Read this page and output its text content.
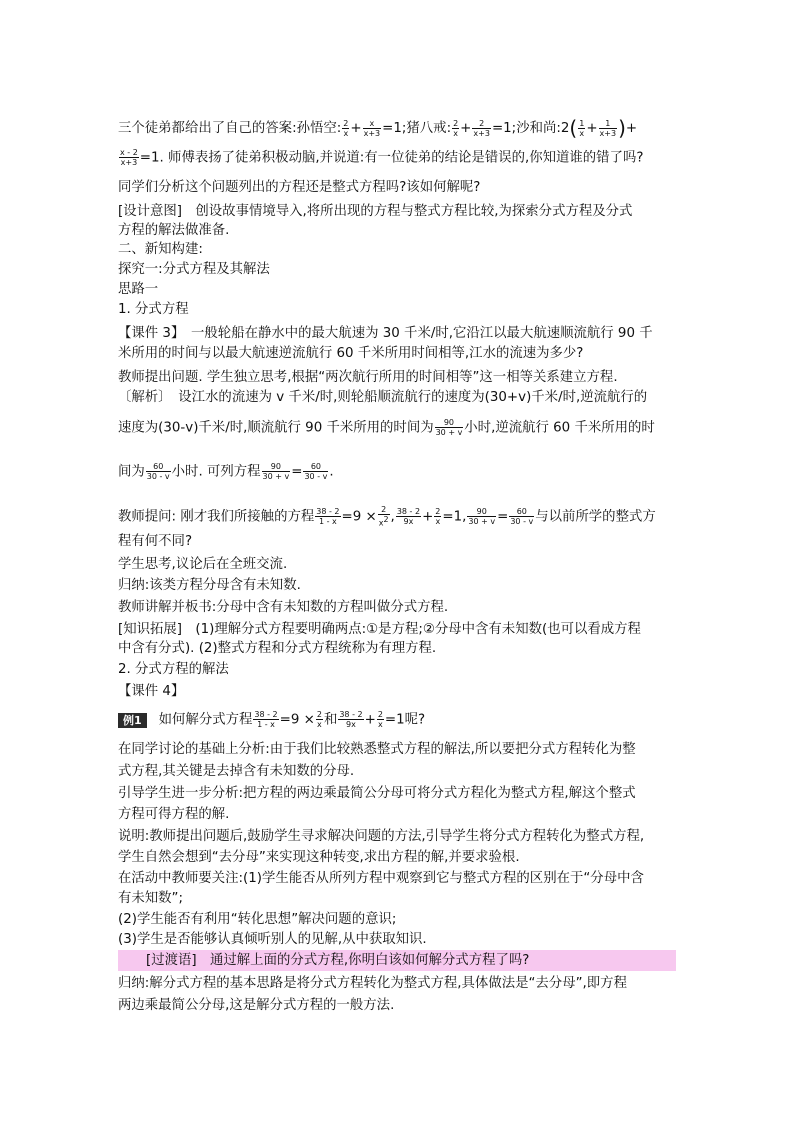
三个徒弟都给出了自己的答案:孙悟空: $\frac{2}{x} + \frac{x}{x+3} =1$;猪八戒: $\frac{2}{x} + \frac{2}{x+3} =1$;沙和尚:2( $\frac{1}{x} + \frac{1}{x+3}$ )+
$\frac{x - 2}{x+3} =1$. 师傅表扬了徒弟积极动脑,并说道:有一位徒弟的结论是错误的,你知道谁的错了吗?
同学们分析这个问题列出的方程还是整式方程吗?该如何解呢?
[设计意图]　创设故事情境导入,将所出现的方程与整式方程比较,为探索分式方程及分式
方程的解法做准备.
二、新知构建:
探究一:分式方程及其解法
思路一
1. 分式方程
【课件 3】　一般轮船在静水中的最大航速为 30 千米/时,它沿江以最大航速顺流航行 90 千
米所用的时间与以最大航速逆流航行 60 千米所用时间相等,江水的流速为多少?
教师提出问题. 学生独立思考,根据“两次航行所用的时间相等”这一相等关系建立方程.
〔解析〕　设江水的流速为 v 千米/时,则轮船顺流航行的速度为(30+v)千米/时,逆流航行的
速度为(30-v)千米/时,顺流航行 90 千米所用的时间为 $\frac{90}{30 + v}$ 小时,逆流航行 60 千米所用的时
间为 $\frac{60}{30 - v}$ 小时. 可列方程 $\frac{90}{30 + v} = \frac{60}{30 - v}$ .
教师提问: 刚才我们所接触的方程 $\frac{38 - 2}{1 - x} =9 \times \frac{2}{x^2}$ , $\frac{38 - 2}{9x} + \frac{2}{x} =1$, $\frac{90}{30 + v} = \frac{60}{30 - v}$ 与以前所学的整式方
程有何不同?
学生思考,议论后在全班交流.
归纳:该类方程分母含有未知数.
教师讲解并板书:分母中含有未知数的方程叫做分式方程.
[知识拓展]　(1)理解分式方程要明确两点:①是方程;②分母中含有未知数(也可以看成方程
中含有分式). (2)整式方程和分式方程统称为有理方程.
2. 分式方程的解法
【课件 4】
例1 如何解分式方程 $\frac{38 - 2}{1 - x} =9 \times \frac{2}{x}$ 和 $\frac{38 - 2}{9x} + \frac{2}{x} =1$呢?
在同学讨论的基础上分析:由于我们比较熟悉整式方程的解法,所以要把分式方程转化为整
式方程,其关键是去掉含有未知数的分母.
引导学生进一步分析:把方程的两边乘最简公分母可将分式方程化为整式方程,解这个整式
方程可得方程的解.
说明:教师提出问题后,鼓励学生寻求解决问题的方法,引导学生将分式方程转化为整式方程,
学生自然会想到“去分母”来实现这种转变,求出方程的解,并要求验根.
在活动中教师要关注:(1)学生能否从所列方程中观察到它与整式方程的区别在于“分母中含
有未知数”;
(2)学生能否有利用“转化思想”解决问题的意识;
(3)学生是否能够认真倾听别人的见解,从中获取知识.
[过渡语]　通过解上面的分式方程,你明白该如何解分式方程了吗?
归纳:解分式方程的基本思路是将分式方程转化为整式方程,具体做法是“去分母”,即方程
两边乘最简公分母,这是解分式方程的一般方法.
